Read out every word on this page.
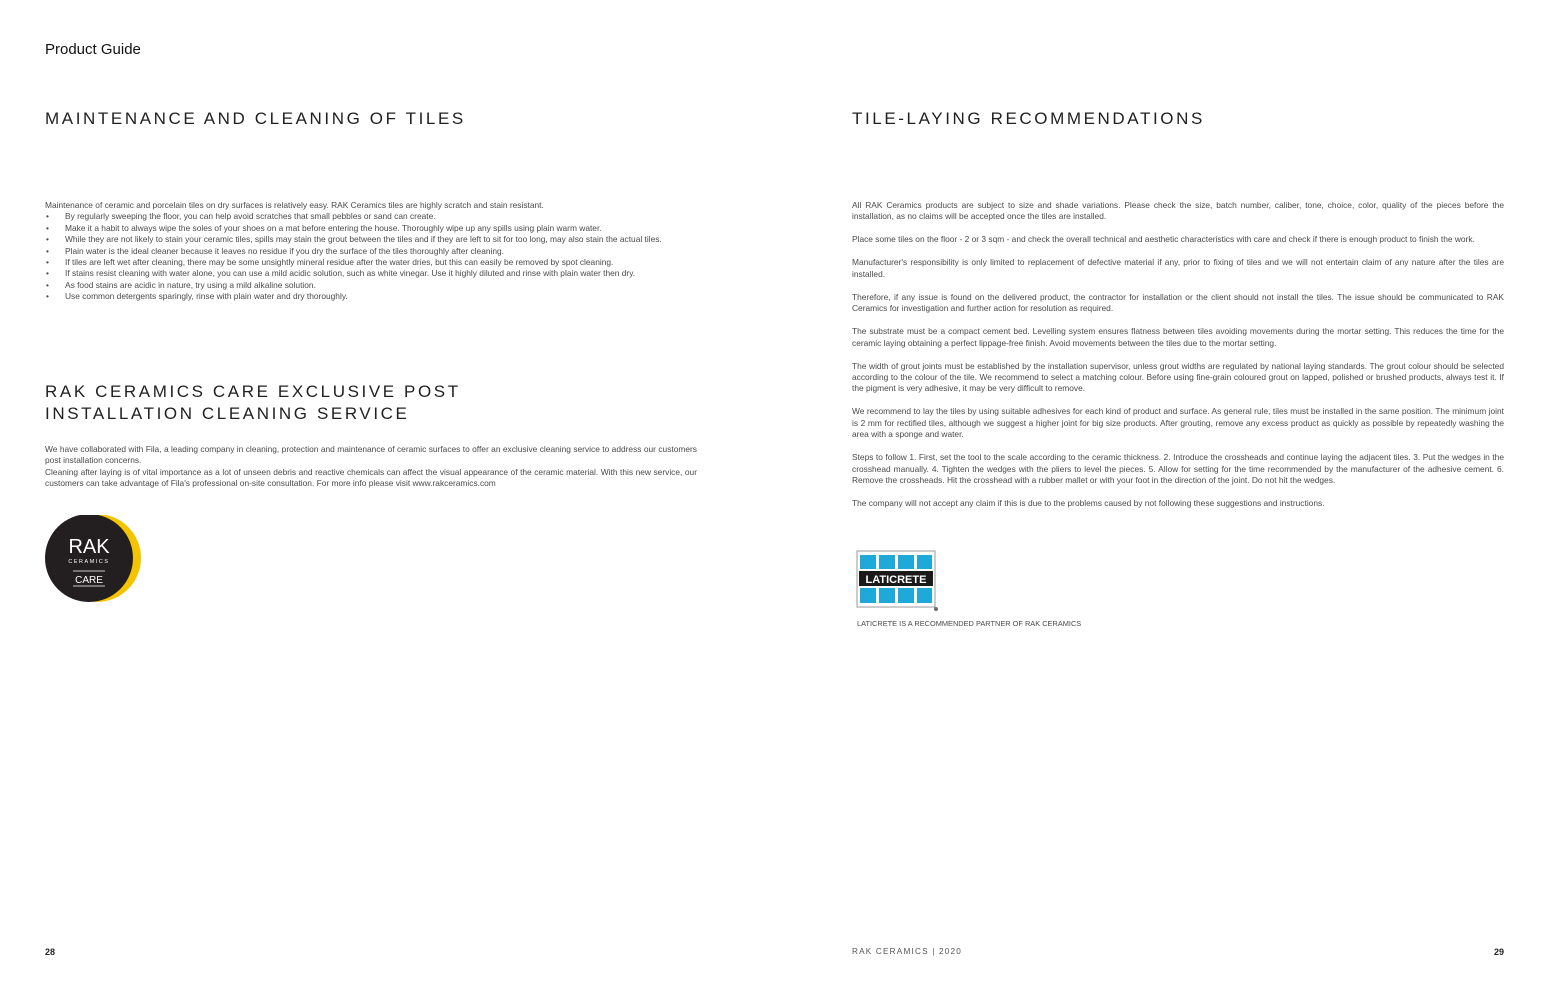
Product Guide
MAINTENANCE AND CLEANING OF TILES
Maintenance of ceramic and porcelain tiles on dry surfaces is relatively easy. RAK Ceramics tiles are highly scratch and stain resistant.
• By regularly sweeping the floor, you can help avoid scratches that small pebbles or sand can create.
• Make it a habit to always wipe the soles of your shoes on a mat before entering the house. Thoroughly wipe up any spills using plain warm water.
• While they are not likely to stain your ceramic tiles, spills may stain the grout between the tiles and if they are left to sit for too long, may also stain the actual tiles.
• Plain water is the ideal cleaner because it leaves no residue if you dry the surface of the tiles thoroughly after cleaning.
• If tiles are left wet after cleaning, there may be some unsightly mineral residue after the water dries, but this can easily be removed by spot cleaning.
• If stains resist cleaning with water alone, you can use a mild acidic solution, such as white vinegar. Use it highly diluted and rinse with plain water then dry.
• As food stains are acidic in nature, try using a mild alkaline solution.
• Use common detergents sparingly, rinse with plain water and dry thoroughly.
RAK CERAMICS CARE EXCLUSIVE POST
INSTALLATION CLEANING SERVICE
We have collaborated with Fila, a leading company in cleaning, protection and maintenance of ceramic surfaces to offer an exclusive cleaning service to address our customers post installation concerns.
Cleaning after laying is of vital importance as a lot of unseen debris and reactive chemicals can affect the visual appearance of the ceramic material. With this new service, our customers can take advantage of Fila's professional on-site consultation. For more info please visit www.rakceramics.com
RAK
CERAMICS
CARE
TILE-LAYING RECOMMENDATIONS

All RAK Ceramics products are subject to size and shade variations. Please check the size, batch number, caliber, tone, choice, color, quality of the pieces before the installation, as no claims will be accepted once the tiles are installed.

Place some tiles on the floor - 2 or 3 sqm - and check the overall technical and aesthetic characteristics with care and check if there is enough product to finish the work.

Manufacturer's responsibility is only limited to replacement of defective material if any, prior to fixing of tiles and we will not entertain claim of any nature after the tiles are installed.

Therefore, if any issue is found on the delivered product, the contractor for installation or the client should not install the tiles. The issue should be communicated to RAK Ceramics for investigation and further action for resolution as required.

The substrate must be a compact cement bed. Levelling system ensures flatness between tiles avoiding movements during the mortar setting. This reduces the time for the ceramic laying obtaining a perfect lippage-free finish. Avoid movements between the tiles due to the mortar setting.

The width of grout joints must be established by the installation supervisor, unless grout widths are regulated by national laying standards. The grout colour should be selected according to the colour of the tile. We recommend to select a matching colour. Before using fine-grain coloured grout on lapped, polished or brushed products, always test it. If the pigment is very adhesive, it may be very difficult to remove.

We recommend to lay the tiles by using suitable adhesives for each kind of product and surface. As general rule, tiles must be installed in the same position. The minimum joint is 2 mm for rectified tiles, although we suggest a higher joint for big size products. After grouting, remove any excess product as quickly as possible by repeatedly washing the area with a sponge and water.

Steps to follow 1. First, set the tool to the scale according to the ceramic thickness. 2. Introduce the crossheads and continue laying the adjacent tiles. 3. Put the wedges in the crosshead manually. 4. Tighten the wedges with the pliers to level the pieces. 5. Allow for setting for the time recommended by the manufacturer of the adhesive cement. 6. Remove the crossheads. Hit the crosshead with a rubber mallet or with your foot in the direction of the joint. Do not hit the wedges.

The company will not accept any claim if this is due to the problems caused by not following these suggestions and instructions.

LATICRETE
LATICRETE IS A RECOMMENDED PARTNER OF RAK CERAMICS
28	RAK CERAMICS | 2020	29
